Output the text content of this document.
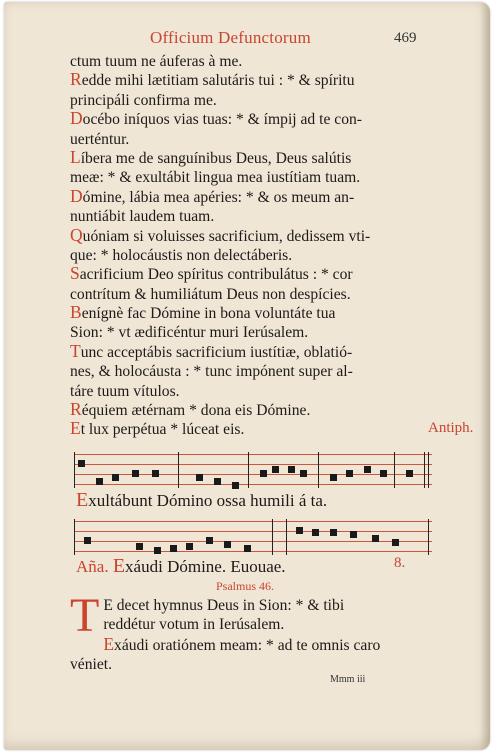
Officium Defunctorum	469
ctum tuum ne áuferas à me.
Redde mihi lætitiam salutáris tui : * & spíritu
principáli confirma me.
Docébo iníquos vias tuas: * & ímpij ad te con-
uerténtur.
Líbera me de sanguínibus Deus, Deus salútis
meæ: * & exultábit lingua mea iustítiam tuam.
Dómine, lábia mea apéries: * & os meum an-
nuntiábit laudem tuam.
Quóniam si voluisses sacrificium, dedissem vti-
que: * holocáustis non delectáberis.
Sacrificium Deo spíritus contribulátus : * cor
contrítum & humiliátum Deus non despícies.
Benígnè fac Dómine in bona voluntáte tua
Sion: * vt ædificéntur muri Ierúsalem.
Tunc acceptábis sacrificium iustítiæ, oblatió-
nes, & holocáusta : * tunc impónent super al-
táre tuum vítulos.
Réquiem ætérnam * dona eis Dómine.
Et lux perpétua * lúceat eis.	Antiph.
Exultábunt Dómino ossa humili á ta.
Aña. Exáudi Dómine. Euouae.	8.
Psalmus 46.
T E decet hymnus Deus in Sion: * & tibi
reddétur votum in Ierúsalem.
Exáudi oratiónem meam: * ad te omnis caro
véniet.
Mmm iii
